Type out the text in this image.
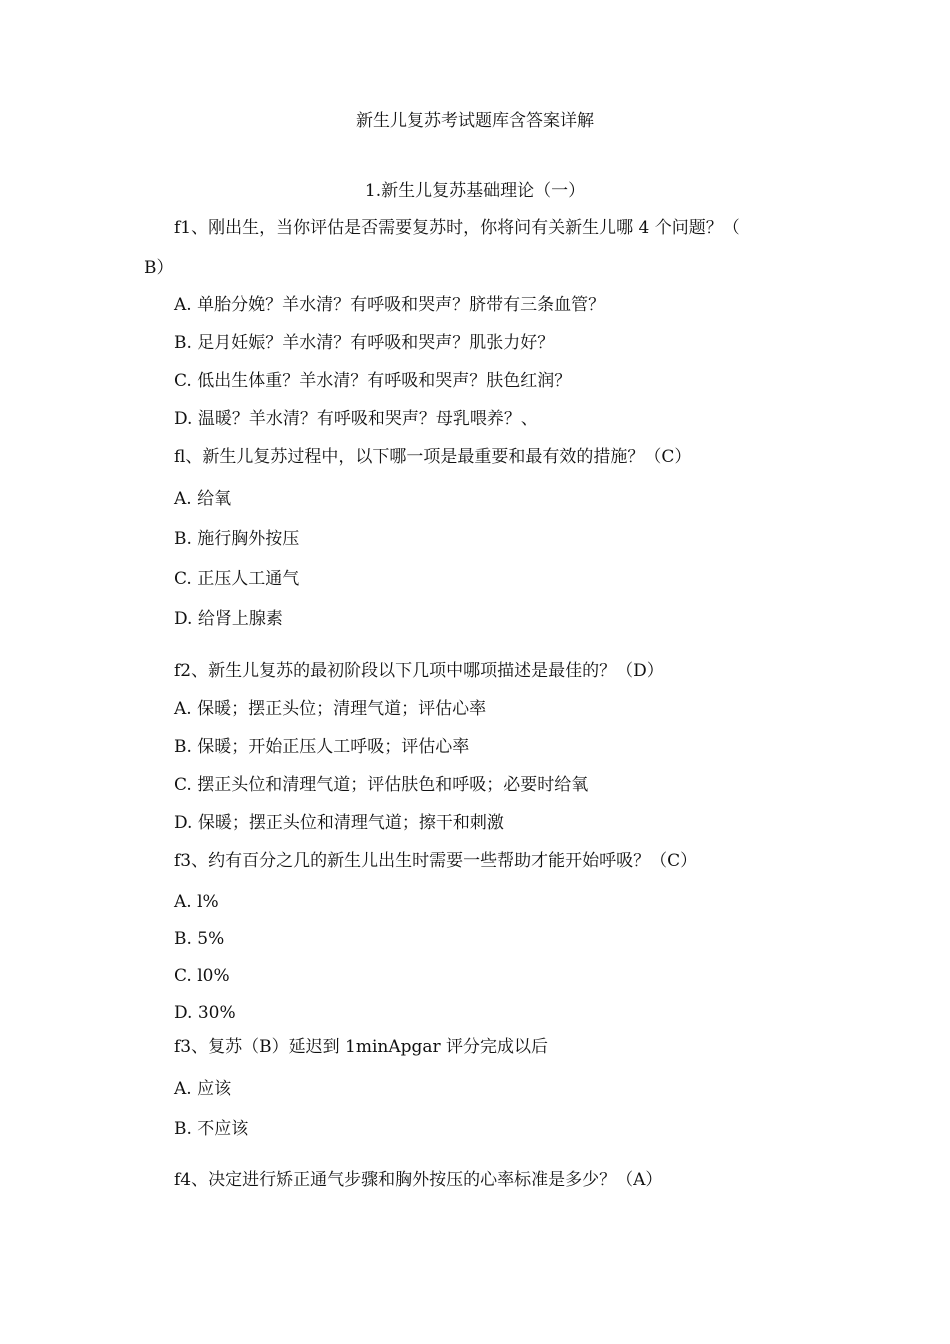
新生儿复苏考试题库含答案详解
1.新生儿复苏基础理论（一）
f1、刚出生，当你评估是否需要复苏时，你将问有关新生儿哪 4 个问题？（
B）
A. 单胎分娩？羊水清？有呼吸和哭声？脐带有三条血管？
B. 足月妊娠？羊水清？有呼吸和哭声？肌张力好？
C. 低出生体重？羊水清？有呼吸和哭声？肤色红润？
D. 温暖？羊水清？有呼吸和哭声？母乳喂养？、
fl、新生儿复苏过程中，以下哪一项是最重要和最有效的措施？（C）
A. 给氧
B. 施行胸外按压
C. 正压人工通气
D. 给肾上腺素
f2、新生儿复苏的最初阶段以下几项中哪项描述是最佳的？（D）
A. 保暖；摆正头位；清理气道；评估心率
B. 保暖；开始正压人工呼吸；评估心率
C. 摆正头位和清理气道；评估肤色和呼吸；必要时给氧
D. 保暖；摆正头位和清理气道；擦干和刺激
f3、约有百分之几的新生儿出生时需要一些帮助才能开始呼吸？（C）
A. l%
B. 5%
C. l0%
D. 30%
f3、复苏（B）延迟到 1minApgar 评分完成以后
A. 应该
B. 不应该
f4、决定进行矫正通气步骤和胸外按压的心率标准是多少？（A）
